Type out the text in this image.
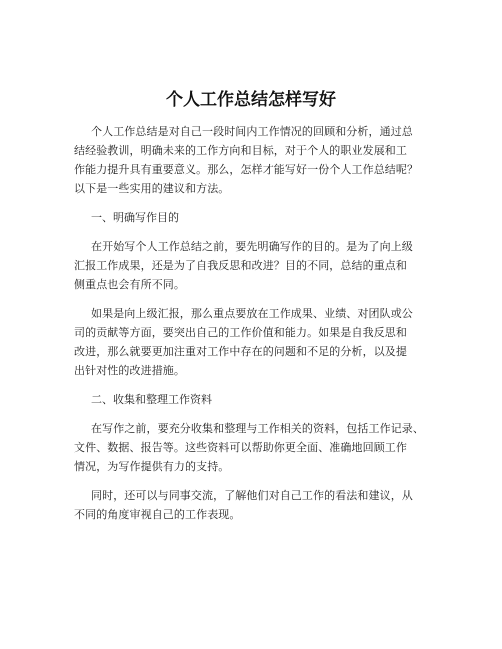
个人工作总结怎样写好
个人工作总结是对自己一段时间内工作情况的回顾和分析，通过总
结经验教训，明确未来的工作方向和目标，对于个人的职业发展和工
作能力提升具有重要意义。那么，怎样才能写好一份个人工作总结呢？
以下是一些实用的建议和方法。
一、明确写作目的
在开始写个人工作总结之前，要先明确写作的目的。是为了向上级
汇报工作成果，还是为了自我反思和改进？目的不同，总结的重点和
侧重点也会有所不同。
如果是向上级汇报，那么重点要放在工作成果、业绩、对团队或公
司的贡献等方面，要突出自己的工作价值和能力。如果是自我反思和
改进，那么就要更加注重对工作中存在的问题和不足的分析，以及提
出针对性的改进措施。
二、收集和整理工作资料
在写作之前，要充分收集和整理与工作相关的资料，包括工作记录、
文件、数据、报告等。这些资料可以帮助你更全面、准确地回顾工作
情况，为写作提供有力的支持。
同时，还可以与同事交流，了解他们对自己工作的看法和建议，从
不同的角度审视自己的工作表现。
